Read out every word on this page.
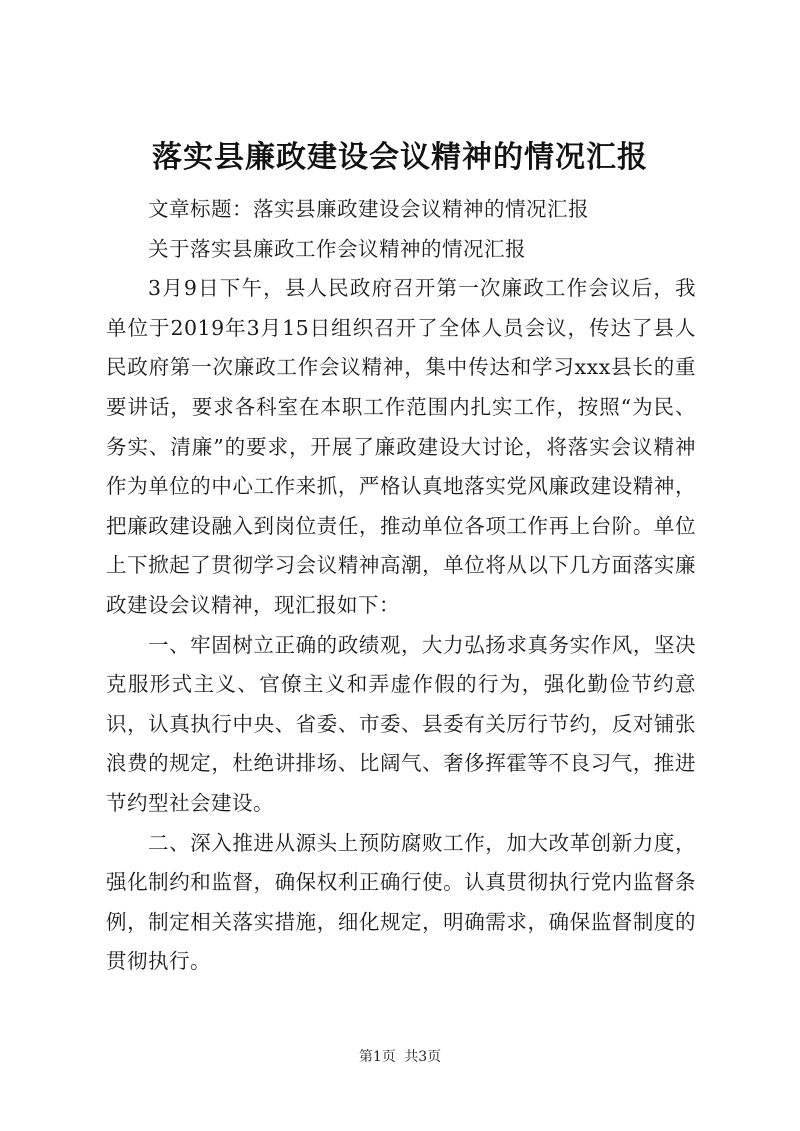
落实县廉政建设会议精神的情况汇报

文章标题：落实县廉政建设会议精神的情况汇报

关于落实县廉政工作会议精神的情况汇报

3月9日下午，县人民政府召开第一次廉政工作会议后，我单位于2019年3月15日组织召开了全体人员会议，传达了县人民政府第一次廉政工作会议精神，集中传达和学习xxx县长的重要讲话，要求各科室在本职工作范围内扎实工作，按照“为民、务实、清廉”的要求，开展了廉政建设大讨论，将落实会议精神作为单位的中心工作来抓，严格认真地落实党风廉政建设精神，把廉政建设融入到岗位责任，推动单位各项工作再上台阶。单位上下掀起了贯彻学习会议精神高潮，单位将从以下几方面落实廉政建设会议精神，现汇报如下：

一、牢固树立正确的政绩观，大力弘扬求真务实作风，坚决克服形式主义、官僚主义和弄虚作假的行为，强化勤俭节约意识，认真执行中央、省委、市委、县委有关厉行节约，反对铺张浪费的规定，杜绝讲排场、比阔气、奢侈挥霍等不良习气，推进节约型社会建设。

二、深入推进从源头上预防腐败工作，加大改革创新力度，强化制约和监督，确保权利正确行使。认真贯彻执行党内监督条例，制定相关落实措施，细化规定，明确需求，确保监督制度的贯彻执行。

第1页 共3页
